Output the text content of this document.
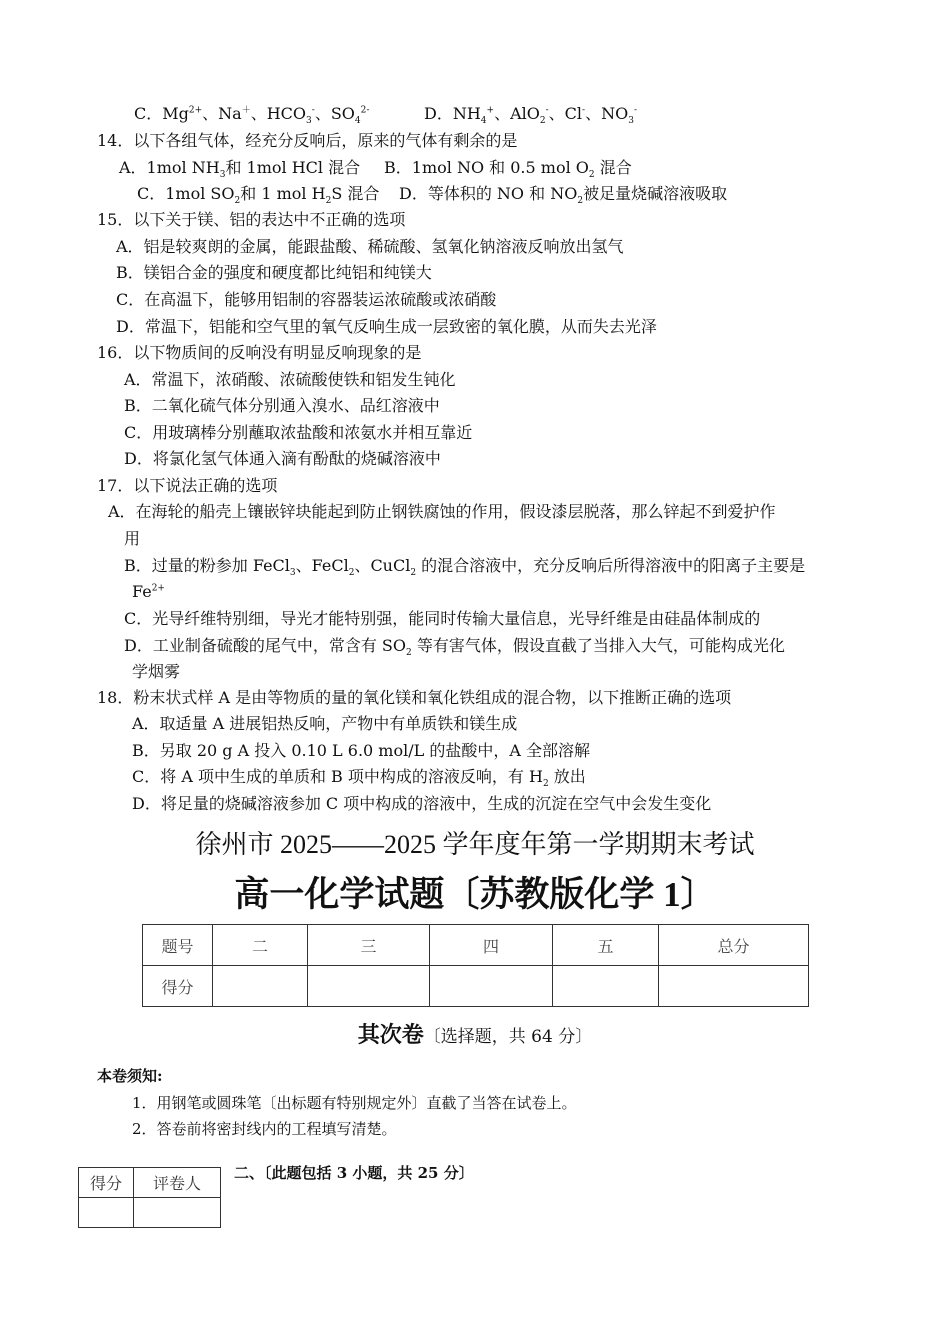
C．$Mg^{2+}$、Na＋、$HCO_3^-$、$SO_4^{2-}$	D．$NH_4^+$、AlO$_2$-、Cl-、$NO_3^-$
14．以下各组气体，经充分反响后，原来的气体有剩余的是
A．1mol $NH_3$和 1mol HCl 混合 B．1mol NO 和 0.5 mol $O_2$ 混合
C．1mol $SO_2$和 1 mol $H_2S$ 混合 D．等体积的 NO 和 $NO_2$被足量烧碱溶液吸取
15．以下关于镁、铝的表达中不正确的选项
A．铝是较爽朗的金属，能跟盐酸、稀硫酸、氢氧化钠溶液反响放出氢气
B．镁铝合金的强度和硬度都比纯铝和纯镁大
C．在高温下，能够用铝制的容器装运浓硫酸或浓硝酸
D．常温下，铝能和空气里的氧气反响生成一层致密的氧化膜，从而失去光泽
16．以下物质间的反响没有明显反响现象的是
A．常温下，浓硝酸、浓硫酸使铁和铝发生钝化
B．二氧化硫气体分别通入溴水、品红溶液中
C．用玻璃棒分别蘸取浓盐酸和浓氨水并相互靠近
D．将氯化氢气体通入滴有酚酞的烧碱溶液中
17．以下说法正确的选项
A．在海轮的船壳上镶嵌锌块能起到防止钢铁腐蚀的作用，假设漆层脱落，那么锌起不到爱护作
用
B．过量的粉参加 FeCl$_3$、FeCl$_2$、CuCl$_2$ 的混合溶液中，充分反响后所得溶液中的阳离子主要是
$Fe^{2+}$
C．光导纤维特别细，导光才能特别强，能同时传输大量信息，光导纤维是由硅晶体制成的
D．工业制备硫酸的尾气中，常含有 $SO_2$ 等有害气体，假设直截了当排入大气，可能构成光化
学烟雾
18．粉末状式样 A 是由等物质的量的氧化镁和氧化铁组成的混合物，以下推断正确的选项
A．取适量 A 进展铝热反响，产物中有单质铁和镁生成
B．另取 20 g A 投入 0.10 L 6.0 mol/L 的盐酸中，A 全部溶解
C．将 A 项中生成的单质和 B 项中构成的溶液反响，有 $H_2$ 放出
D．将足量的烧碱溶液参加 C 项中构成的溶液中，生成的沉淀在空气中会发生变化
徐州市 2025——2025 学年度年第一学期期末考试
高一化学试题〔苏教版化学 1〕
题号	二	三	四	五	总分
得分					
其次卷〔选择题，共 64 分〕
本卷须知:
1．用钢笔或圆珠笔〔出标题有特别规定外〕直截了当答在试卷上。
2．答卷前将密封线内的工程填写清楚。
得分	评卷人

二、〔此题包括 3 小题，共 25 分〕
